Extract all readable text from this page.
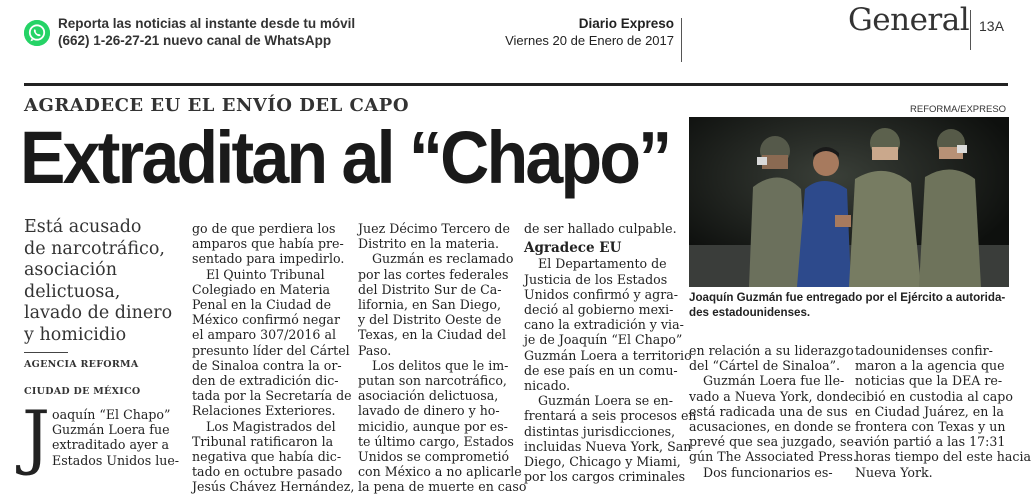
Reporta las noticias al instante desde tu móvil
(662) 1-26-27-21 nuevo canal de WhatsApp
Diario Expreso
Viernes 20 de Enero de 2017
General 13A
AGRADECE EU EL ENVÍO DEL CAPO
Extraditan al “Chapo”
REFORMA/EXPRESO
Joaquín Guzmán fue entregado por el Ejército a autorida-
des estadounidenses.
Está acusado
de narcotráfico,
asociación
delictuosa,
lavado de dinero
y homicidio
AGENCIA REFORMA
CIUDAD DE MÉXICO
J oaquín “El Chapo”

Guzmán Loera fue

extraditado ayer a

Estados Unidos lue-

go de que perdiera los

amparos que había pre-

sentado para impedirlo.

El Quinto Tribunal

Colegiado en Materia

Penal en la Ciudad de

México confirmó negar

el amparo 307/2016 al

presunto líder del Cártel

de Sinaloa contra la or-

den de extradición dic-

tada por la Secretaría de

Relaciones Exteriores.

Los Magistrados del

Tribunal ratificaron la

negativa que había dic-

tado en octubre pasado

Jesús Chávez Hernández,

Juez Décimo Tercero de

Distrito en la materia.

Guzmán es reclamado

por las cortes federales

del Distrito Sur de Ca-

lifornia, en San Diego,

y del Distrito Oeste de

Texas, en la Ciudad del

Paso.

Los delitos que le im-

putan son narcotráfico,

asociación delictuosa,

lavado de dinero y ho-

micidio, aunque por es-

te último cargo, Estados

Unidos se comprometió

con México a no aplicarle

la pena de muerte en caso

de ser hallado culpable.

Agradece EU

El Departamento de

Justicia de los Estados

Unidos confirmó y agra-

deció al gobierno mexi-

cano la extradición y via-

je de Joaquín “El Chapo”

Guzmán Loera a territorio

de ese país en un comu-

nicado.

Guzmán Loera se en-

frentará a seis procesos en

distintas jurisdicciones,

incluidas Nueva York, San

Diego, Chicago y Miami,

por los cargos criminales

en relación a su liderazgo

del “Cártel de Sinaloa”.

Guzmán Loera fue lle-

vado a Nueva York, donde

está radicada una de sus

acusaciones, en donde se

prevé que sea juzgado, se-

gún The Associated Press.

Dos funcionarios es-

tadounidenses confir-

maron a la agencia que

noticias que la DEA re-

cibió en custodia al capo

en Ciudad Juárez, en la

frontera con Texas y un

avión partió a las 17:31

horas tiempo del este hacia

Nueva York.
